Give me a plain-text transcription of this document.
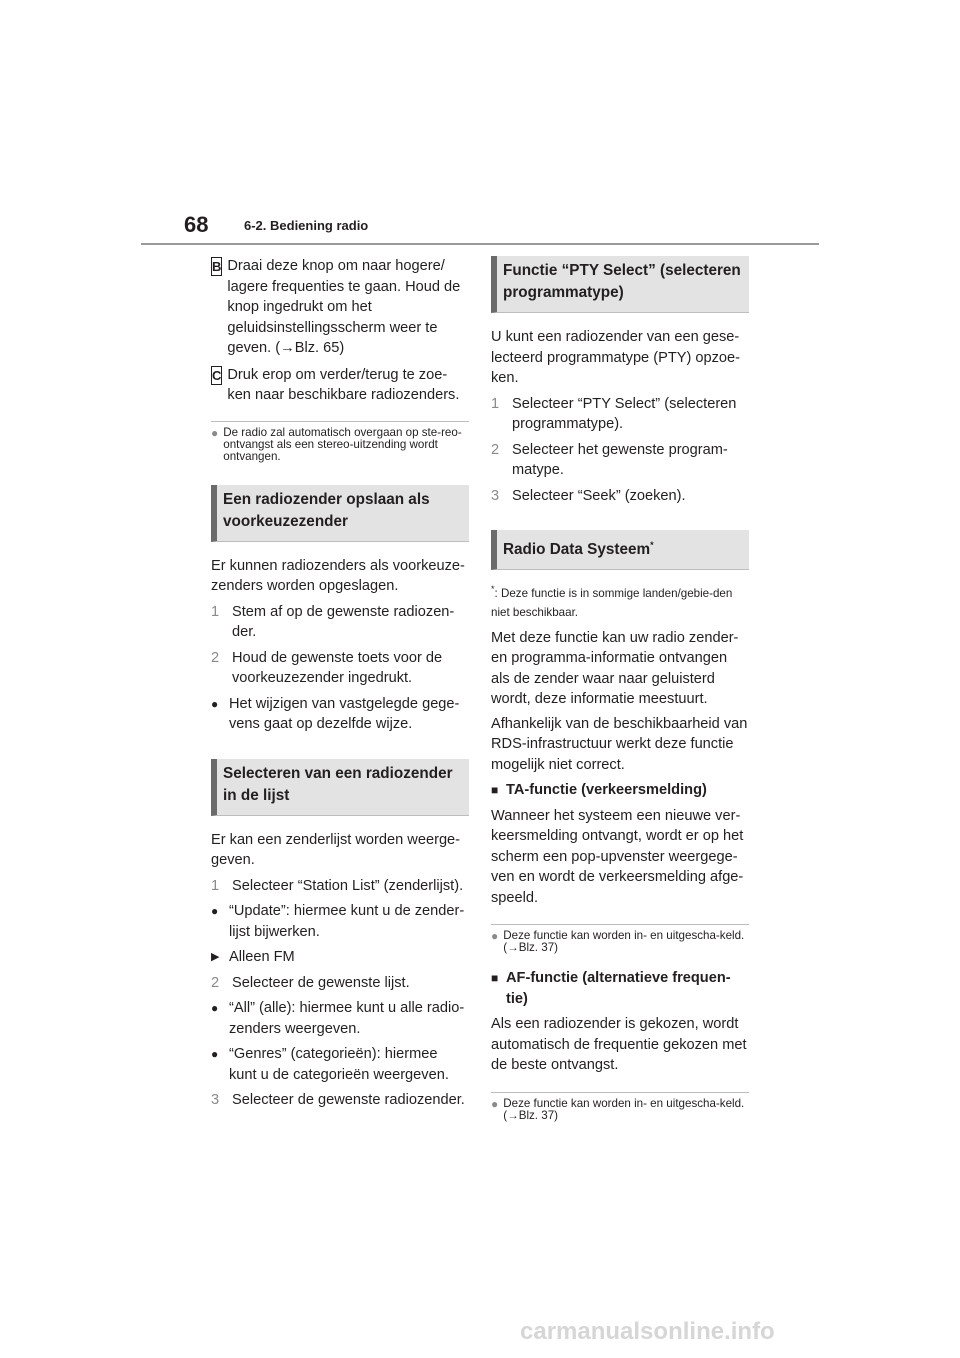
68	6-2. Bediening radio
B Draai deze knop om naar hogere/ lagere frequenties te gaan. Houd de knop ingedrukt om het geluidsinstellingsscherm weer te geven. (→Blz. 65)
C Druk erop om verder/terug te zoe-ken naar beschikbare radiozenders.
● De radio zal automatisch overgaan op ste-reo-ontvangst als een stereo-uitzending wordt ontvangen.
Een radiozender opslaan als voorkeuzezender
Er kunnen radiozenders als voorkeuze-zenders worden opgeslagen.
1 Stem af op de gewenste radiozen-der.
2 Houd de gewenste toets voor de voorkeuzezender ingedrukt.
● Het wijzigen van vastgelegde gege-vens gaat op dezelfde wijze.
Selecteren van een radiozender in de lijst
Er kan een zenderlijst worden weerge-geven.
1 Selecteer “Station List” (zenderlijst).
● “Update”: hiermee kunt u de zender-lijst bijwerken.
▶ Alleen FM
2 Selecteer de gewenste lijst.
● “All” (alle): hiermee kunt u alle radio-zenders weergeven.
● “Genres” (categorieën): hiermee kunt u de categorieën weergeven.
3 Selecteer de gewenste radiozender.
Functie “PTY Select” (selecteren programmatype)
U kunt een radiozender van een gese-lecteerd programmatype (PTY) opzoe-ken.
1 Selecteer “PTY Select” (selecteren programmatype).
2 Selecteer het gewenste program-matype.
3 Selecteer “Seek” (zoeken).
Radio Data Systeem*
*: Deze functie is in sommige landen/gebie-den niet beschikbaar.
Met deze functie kan uw radio zender-en programma-informatie ontvangen als de zender waar naar geluisterd wordt, deze informatie meestuurt.
Afhankelijk van de beschikbaarheid van RDS-infrastructuur werkt deze functie mogelijk niet correct.
■ TA-functie (verkeersmelding)
Wanneer het systeem een nieuwe ver-keersmelding ontvangt, wordt er op het scherm een pop-upvenster weergege-ven en wordt de verkeersmelding afge-speeld.
● Deze functie kan worden in- en uitgescha-keld. (→Blz. 37)
■ AF-functie (alternatieve frequen-tie)
Als een radiozender is gekozen, wordt automatisch de frequentie gekozen met de beste ontvangst.
● Deze functie kan worden in- en uitgescha-keld. (→Blz. 37)
carmanualsonline.info
